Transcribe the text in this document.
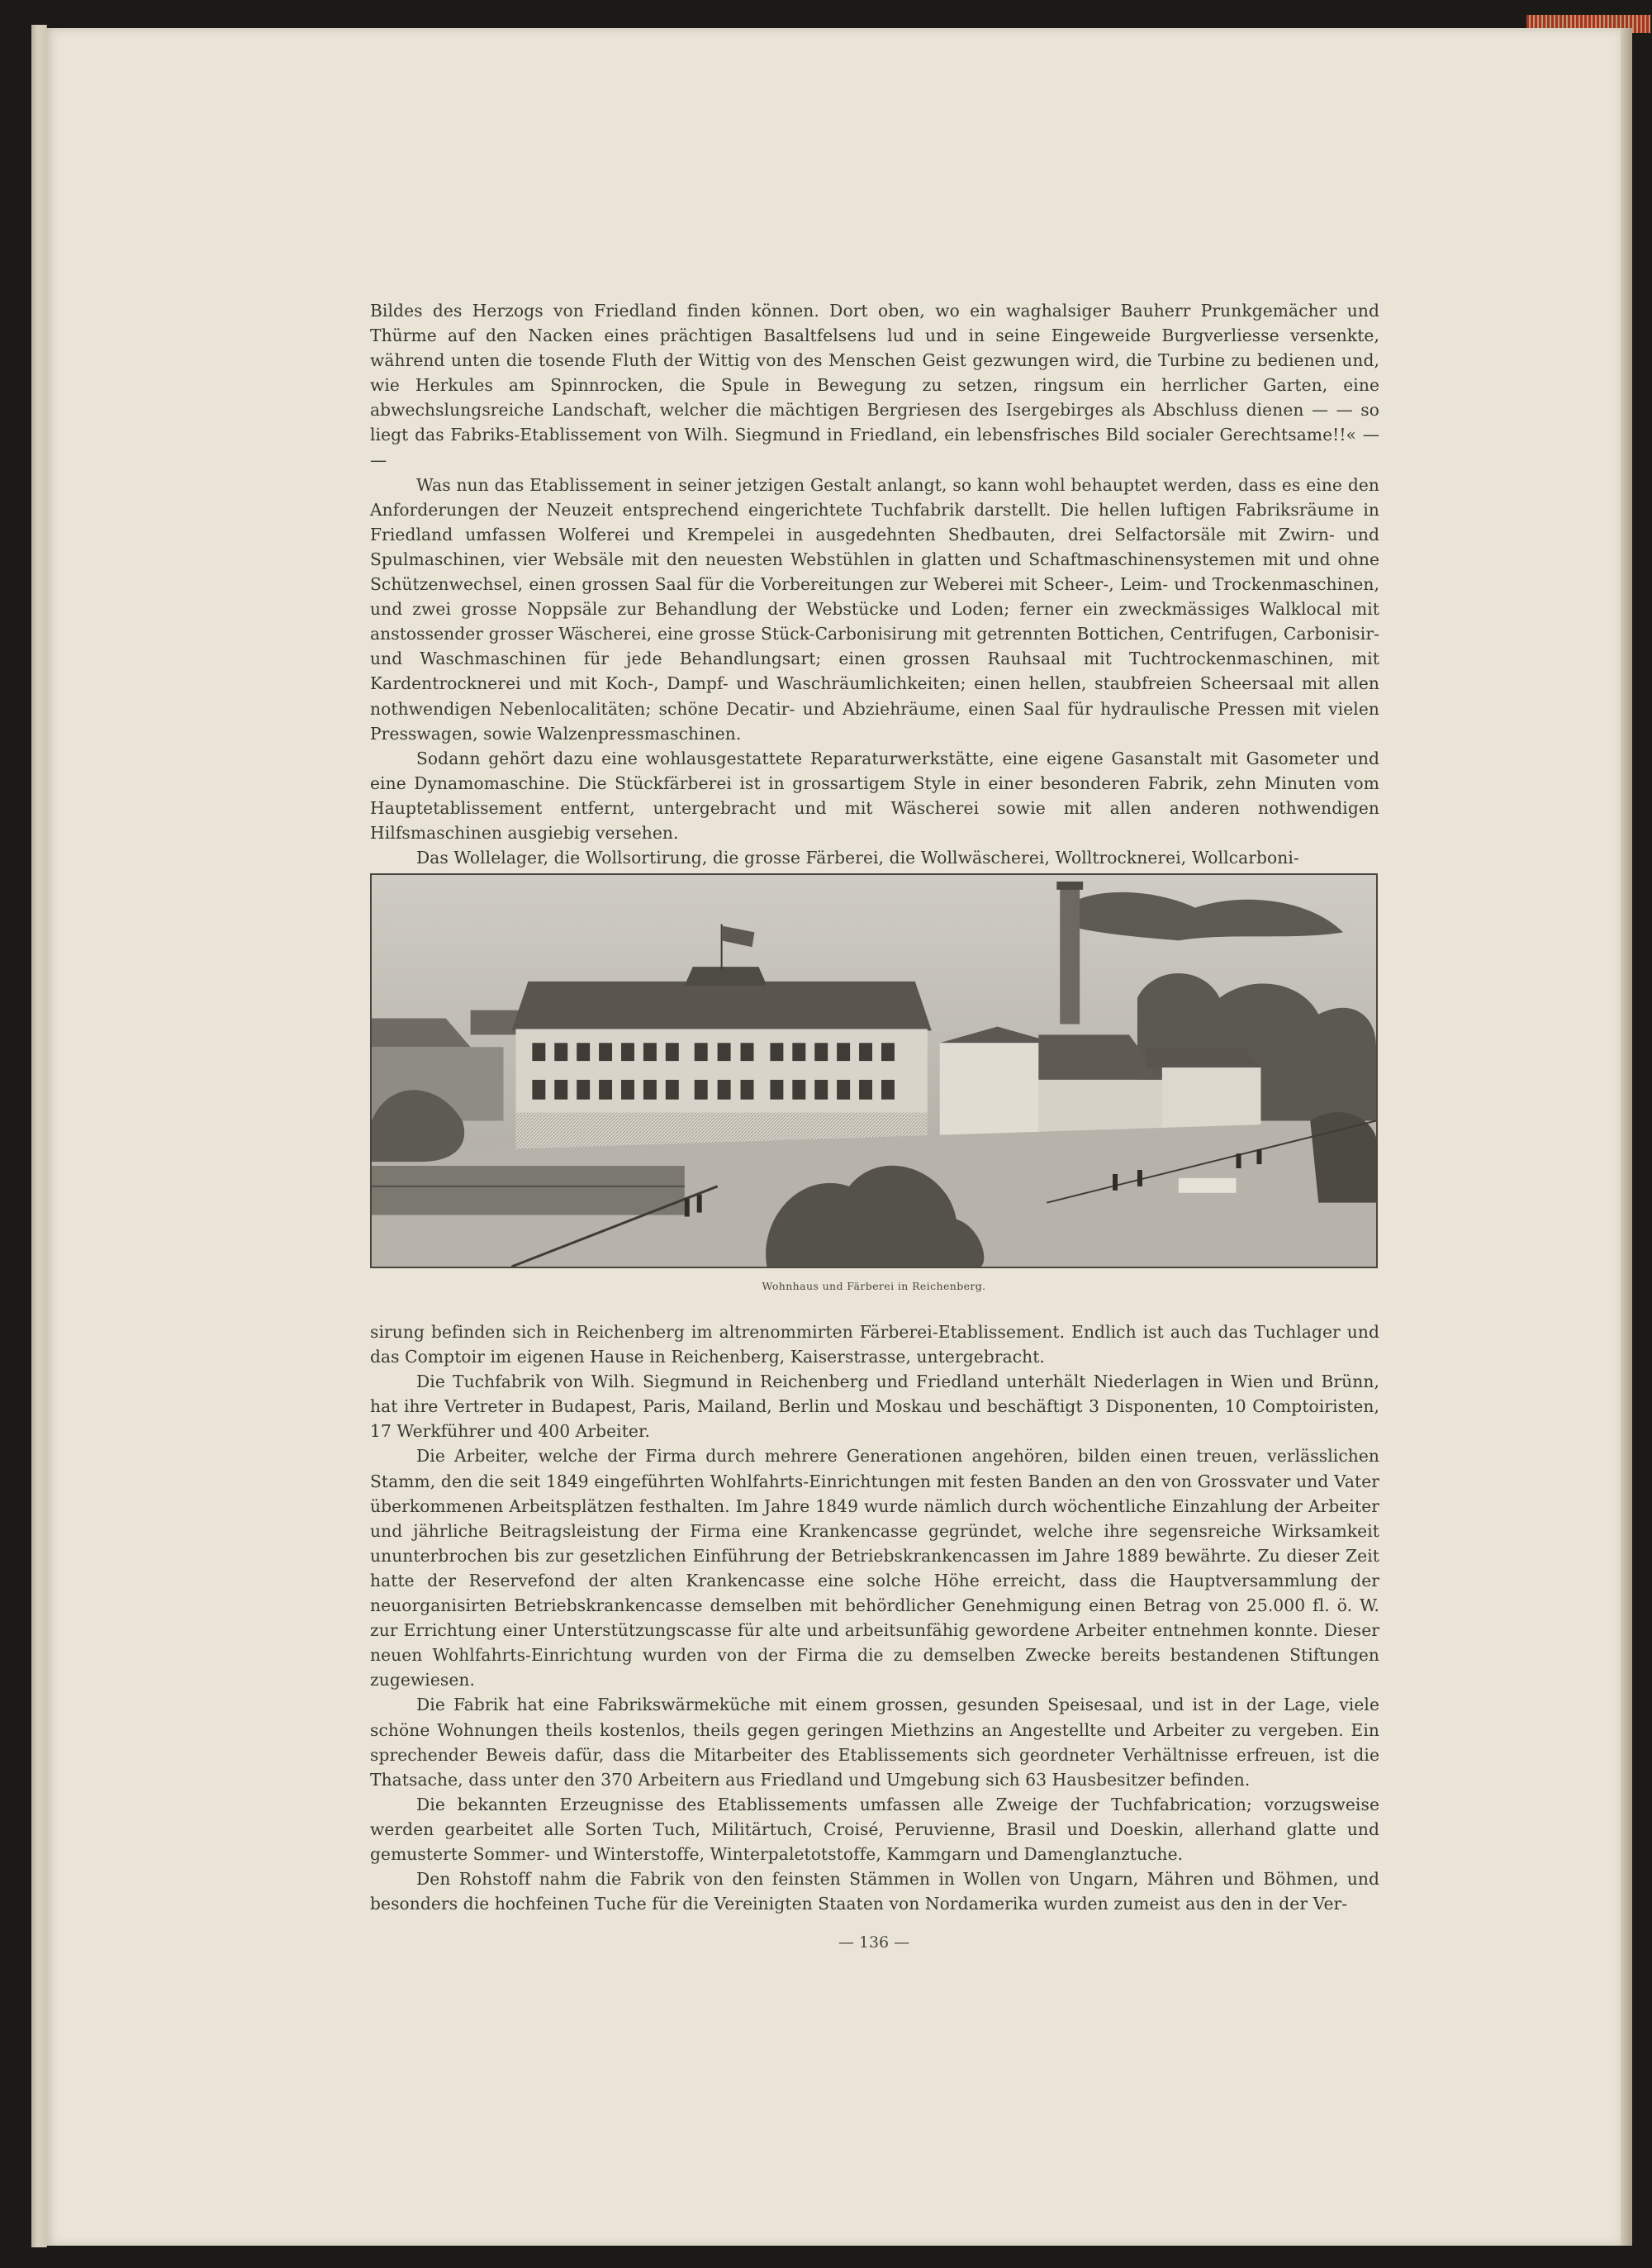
Bildes des Herzogs von Friedland finden können. Dort oben, wo ein waghalsiger Bauherr Prunkgemächer und Thürme auf den Nacken eines prächtigen Basaltfelsens lud und in seine Eingeweide Burgverliesse versenkte, während unten die tosende Fluth der Wittig von des Menschen Geist gezwungen wird, die Turbine zu bedienen und, wie Herkules am Spinnrocken, die Spule in Bewegung zu setzen, ringsum ein herrlicher Garten, eine abwechslungsreiche Landschaft, welcher die mächtigen Bergriesen des Isergebirges als Abschluss dienen — — so liegt das Fabriks-Etablissement von Wilh. Siegmund in Friedland, ein lebensfrisches Bild socialer Gerechtsame!!« — —

Was nun das Etablissement in seiner jetzigen Gestalt anlangt, so kann wohl behauptet werden, dass es eine den Anforderungen der Neuzeit entsprechend eingerichtete Tuchfabrik darstellt. Die hellen luftigen Fabriksräume in Friedland umfassen Wolferei und Krempelei in ausgedehnten Shedbauten, drei Selfactorsäle mit Zwirn- und Spulmaschinen, vier Websäle mit den neuesten Webstühlen in glatten und Schaftmaschinensystemen mit und ohne Schützenwechsel, einen grossen Saal für die Vorbereitungen zur Weberei mit Scheer-, Leim- und Trockenmaschinen, und zwei grosse Noppsäle zur Behandlung der Webstücke und Loden; ferner ein zweckmässiges Walklocal mit anstossender grosser Wäscherei, eine grosse Stück-Carbonisirung mit getrennten Bottichen, Centrifugen, Carbonisir- und Waschmaschinen für jede Behandlungsart; einen grossen Rauhsaal mit Tuchtrockenmaschinen, mit Kardentrocknerei und mit Koch-, Dampf- und Waschräumlichkeiten; einen hellen, staubfreien Scheersaal mit allen nothwendigen Nebenlocalitäten; schöne Decatir- und Abziehräume, einen Saal für hydraulische Pressen mit vielen Presswagen, sowie Walzenpressmaschinen.

Sodann gehört dazu eine wohlausgestattete Reparaturwerkstätte, eine eigene Gasanstalt mit Gasometer und eine Dynamomaschine. Die Stückfärberei ist in grossartigem Style in einer besonderen Fabrik, zehn Minuten vom Hauptetablissement entfernt, untergebracht und mit Wäscherei sowie mit allen anderen nothwendigen Hilfsmaschinen ausgiebig versehen.

Das Wollelager, die Wollsortirung, die grosse Färberei, die Wollwäscherei, Wolltrocknerei, Wollcarboni-

Wohnhaus und Färberei in Reichenberg.

sirung befinden sich in Reichenberg im altrenommirten Färberei-Etablissement. Endlich ist auch das Tuchlager und das Comptoir im eigenen Hause in Reichenberg, Kaiserstrasse, untergebracht.

Die Tuchfabrik von Wilh. Siegmund in Reichenberg und Friedland unterhält Niederlagen in Wien und Brünn, hat ihre Vertreter in Budapest, Paris, Mailand, Berlin und Moskau und beschäftigt 3 Disponenten, 10 Comptoiristen, 17 Werkführer und 400 Arbeiter.

Die Arbeiter, welche der Firma durch mehrere Generationen angehören, bilden einen treuen, verlässlichen Stamm, den die seit 1849 eingeführten Wohlfahrts-Einrichtungen mit festen Banden an den von Grossvater und Vater überkommenen Arbeitsplätzen festhalten. Im Jahre 1849 wurde nämlich durch wöchentliche Einzahlung der Arbeiter und jährliche Beitragsleistung der Firma eine Krankencasse gegründet, welche ihre segensreiche Wirksamkeit ununterbrochen bis zur gesetzlichen Einführung der Betriebskrankencassen im Jahre 1889 bewährte. Zu dieser Zeit hatte der Reservefond der alten Krankencasse eine solche Höhe erreicht, dass die Hauptversammlung der neuorganisirten Betriebskrankencasse demselben mit behördlicher Genehmigung einen Betrag von 25.000 fl. ö. W. zur Errichtung einer Unterstützungscasse für alte und arbeitsunfähig gewordene Arbeiter entnehmen konnte. Dieser neuen Wohlfahrts-Einrichtung wurden von der Firma die zu demselben Zwecke bereits bestandenen Stiftungen zugewiesen.

Die Fabrik hat eine Fabrikswärmeküche mit einem grossen, gesunden Speisesaal, und ist in der Lage, viele schöne Wohnungen theils kostenlos, theils gegen geringen Miethzins an Angestellte und Arbeiter zu vergeben. Ein sprechender Beweis dafür, dass die Mitarbeiter des Etablissements sich geordneter Verhältnisse erfreuen, ist die Thatsache, dass unter den 370 Arbeitern aus Friedland und Umgebung sich 63 Hausbesitzer befinden.

Die bekannten Erzeugnisse des Etablissements umfassen alle Zweige der Tuchfabrication; vorzugsweise werden gearbeitet alle Sorten Tuch, Militärtuch, Croisé, Peruvienne, Brasil und Doeskin, allerhand glatte und gemusterte Sommer- und Winterstoffe, Winterpaletotstoffe, Kammgarn und Damenglanztuche.

Den Rohstoff nahm die Fabrik von den feinsten Stämmen in Wollen von Ungarn, Mähren und Böhmen, und besonders die hochfeinen Tuche für die Vereinigten Staaten von Nordamerika wurden zumeist aus den in der Ver-

— 136 —
